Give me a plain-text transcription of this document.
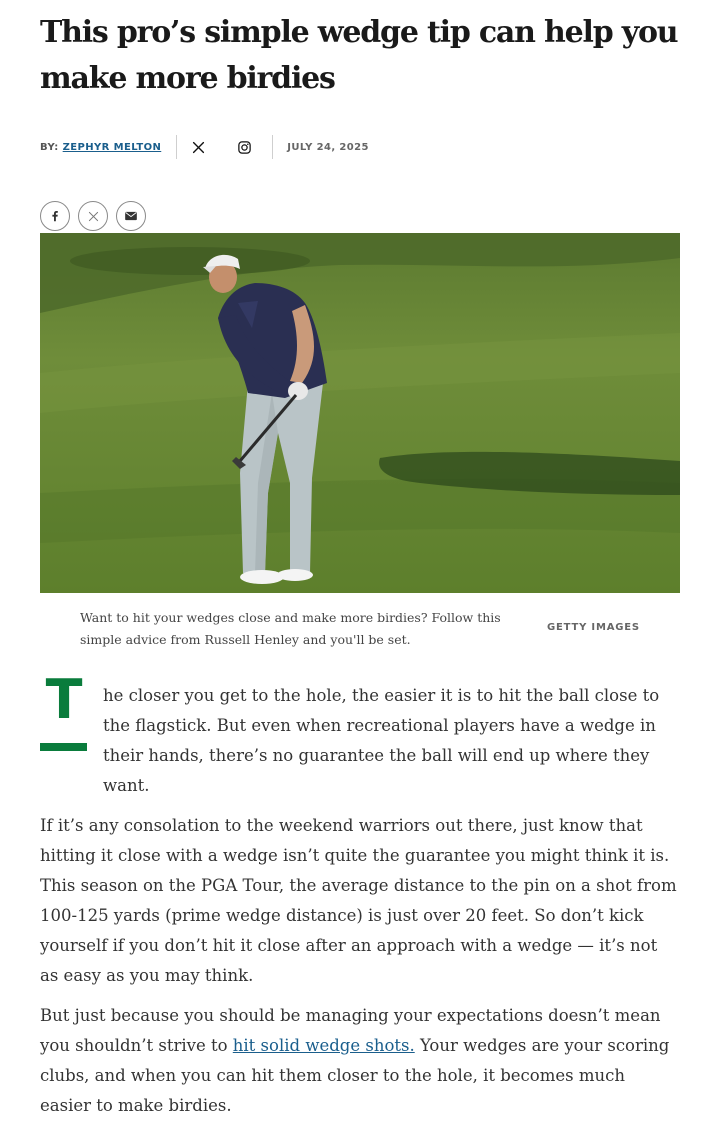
This pro’s simple wedge tip can help you make more birdies
BY: ZEPHYR MELTON	JULY 24, 2025
Want to hit your wedges close and make more birdies? Follow this simple advice from Russell Henley and you'll be set.
GETTY IMAGES
T	he closer you get to the hole, the easier it is to hit the ball close to the flagstick. But even when recreational players have a wedge in their hands, there’s no guarantee the ball will end up where they want.

If it’s any consolation to the weekend warriors out there, just know that hitting it close with a wedge isn’t quite the guarantee you might think it is. This season on the PGA Tour, the average distance to the pin on a shot from 100-125 yards (prime wedge distance) is just over 20 feet. So don’t kick yourself if you don’t hit it close after an approach with a wedge — it’s not as easy as you may think.

But just because you should be managing your expectations doesn’t mean you shouldn’t strive to hit solid wedge shots. Your wedges are your scoring clubs, and when you can hit them closer to the hole, it becomes much easier to make birdies.
